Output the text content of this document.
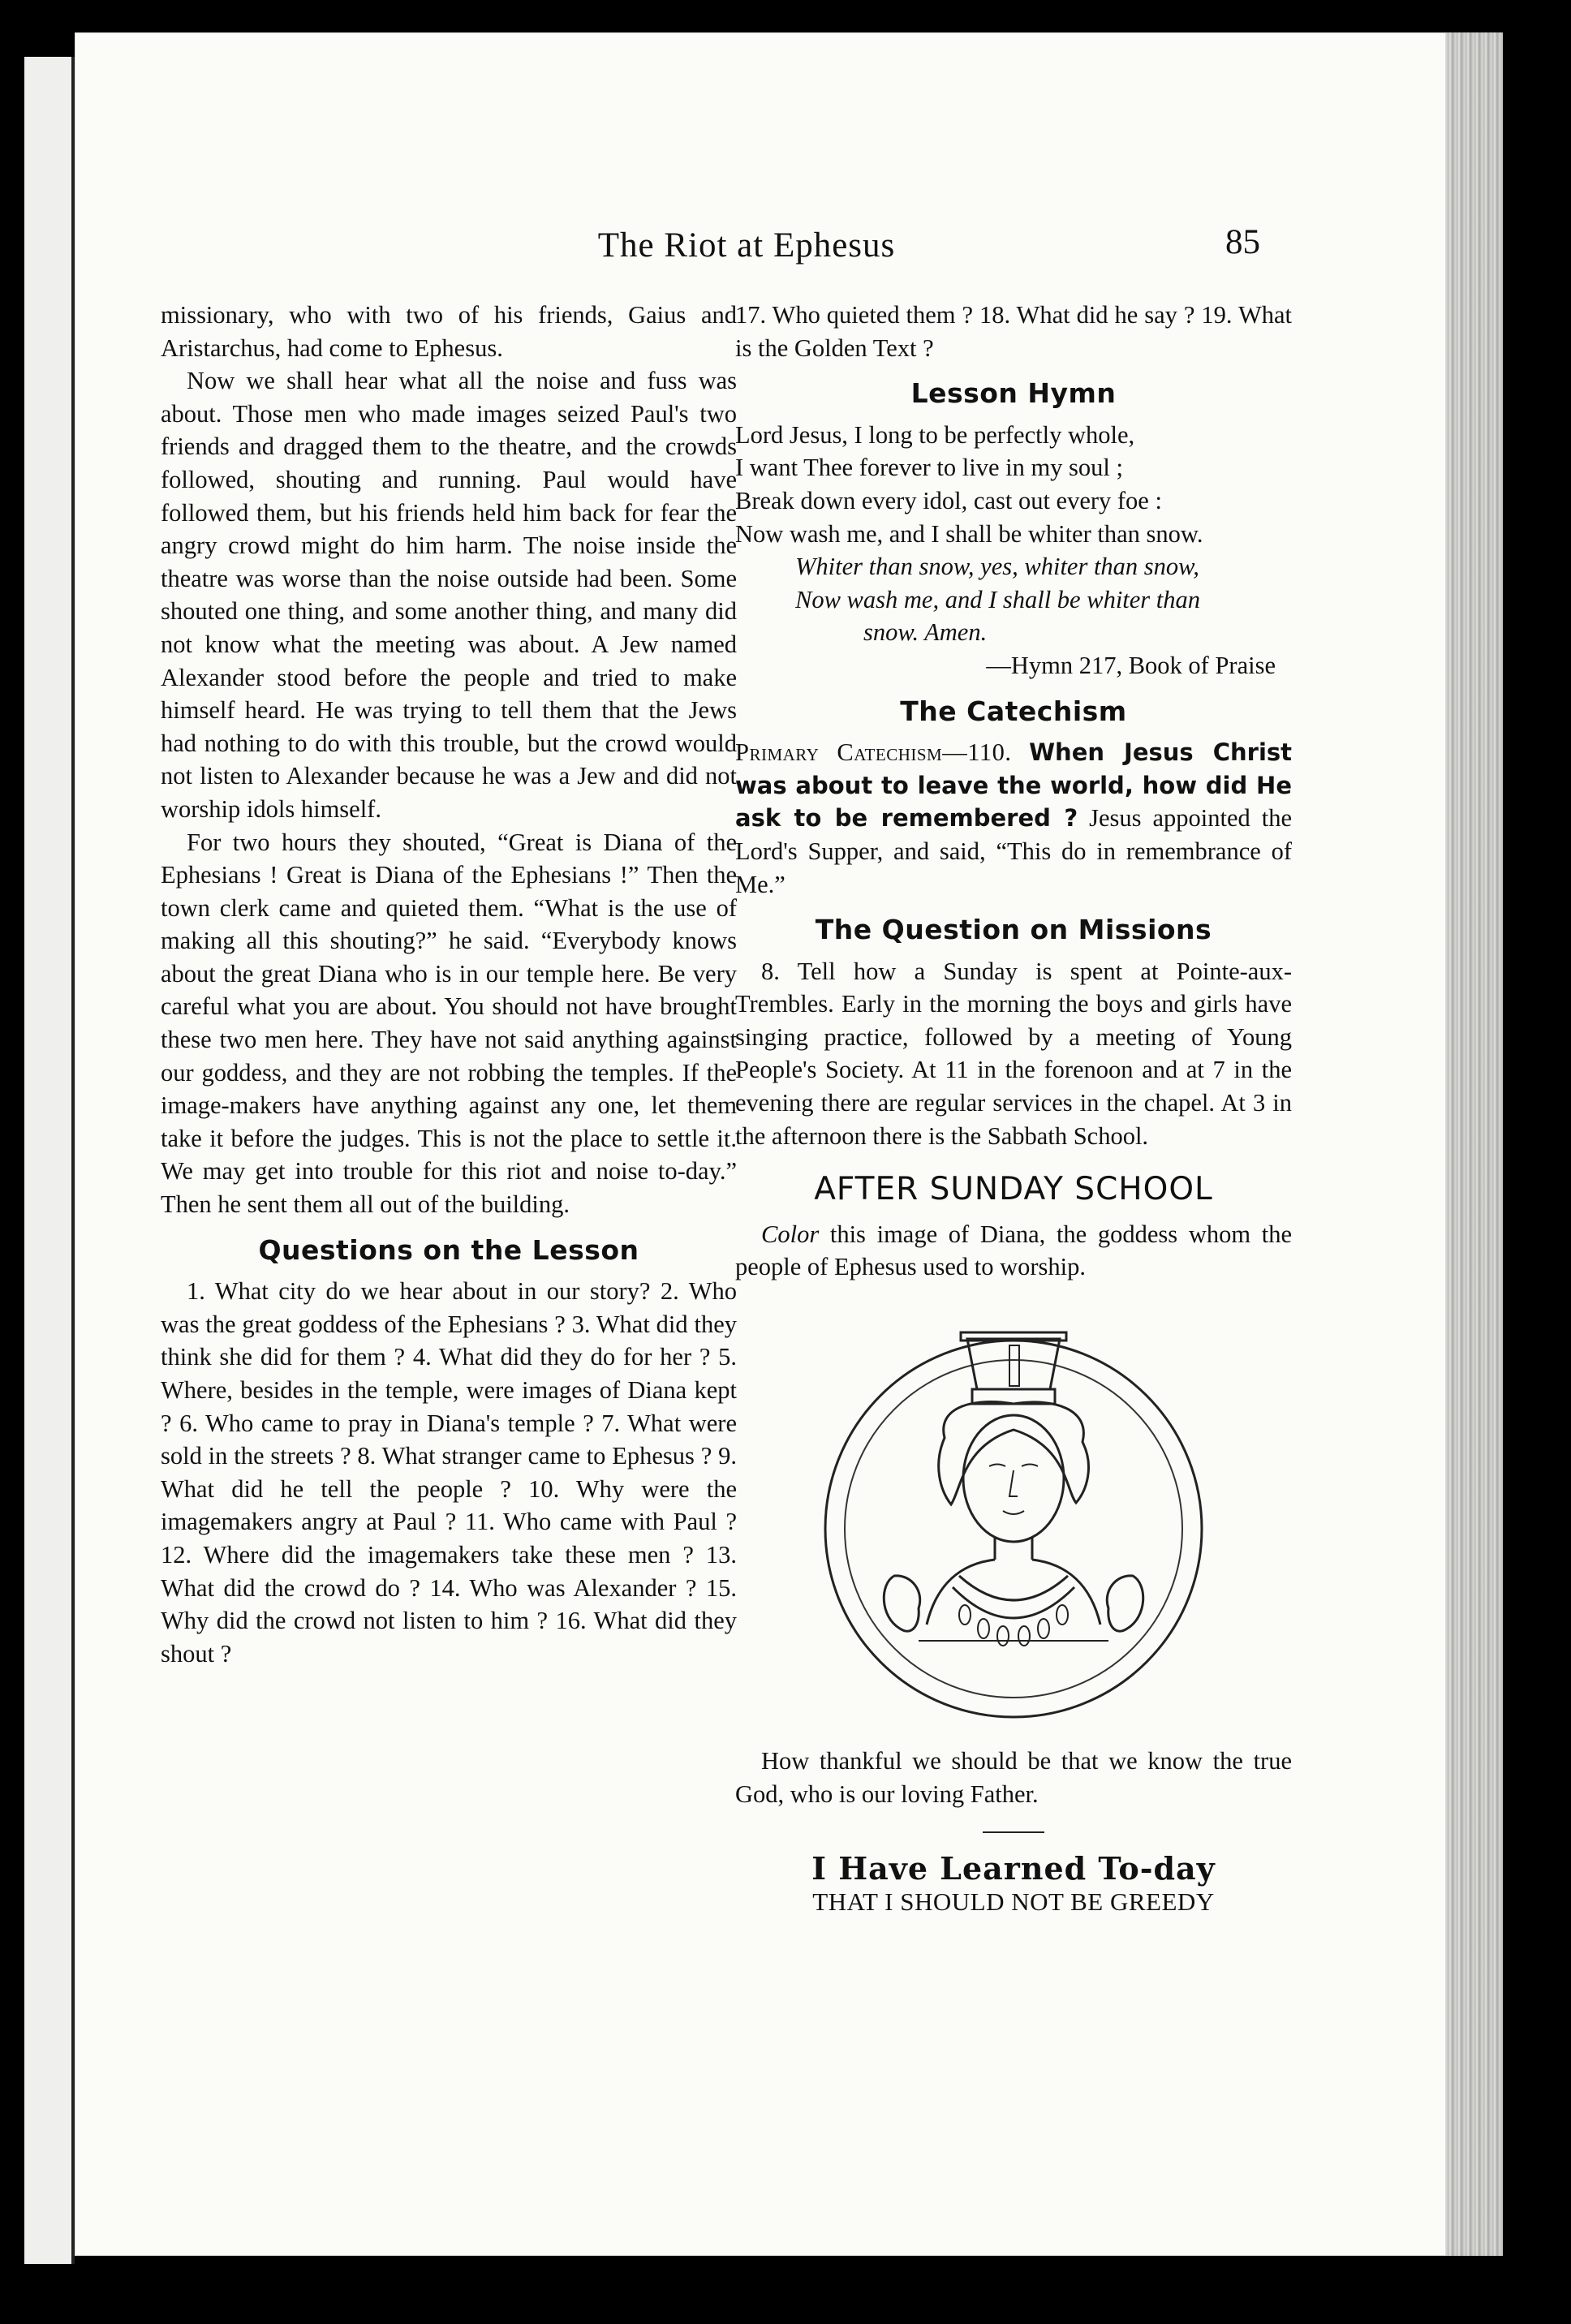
The Riot at Ephesus	85

missionary, who with two of his friends, Gaius and Aristarchus, had come to Ephesus.

Now we shall hear what all the noise and fuss was about. Those men who made images seized Paul's two friends and dragged them to the theatre, and the crowds followed, shouting and running. Paul would have followed them, but his friends held him back for fear the angry crowd might do him harm. The noise inside the theatre was worse than the noise outside had been. Some shouted one thing, and some another thing, and many did not know what the meeting was about. A Jew named Alexander stood before the people and tried to make himself heard. He was trying to tell them that the Jews had nothing to do with this trouble, but the crowd would not listen to Alexander because he was a Jew and did not worship idols himself.

For two hours they shouted, “Great is Diana of the Ephesians ! Great is Diana of the Ephesians !” Then the town clerk came and quieted them. “What is the use of making all this shouting?” he said. “Everybody knows about the great Diana who is in our temple here. Be very careful what you are about. You should not have brought these two men here. They have not said anything against our goddess, and they are not robbing the temples. If the image-makers have anything against any one, let them take it before the judges. This is not the place to settle it. We may get into trouble for this riot and noise to-day.” Then he sent them all out of the building.

Questions on the Lesson

1. What city do we hear about in our story? 2. Who was the great goddess of the Ephesians ? 3. What did they think she did for them ? 4. What did they do for her ? 5. Where, besides in the temple, were images of Diana kept ? 6. Who came to pray in Diana's temple ? 7. What were sold in the streets ? 8. What stranger came to Ephesus ? 9. What did he tell the people ? 10. Why were the imagemakers angry at Paul ? 11. Who came with Paul ? 12. Where did the imagemakers take these men ? 13. What did the crowd do ? 14. Who was Alexander ? 15. Why did the crowd not listen to him ? 16. What did they shout ?

17. Who quieted them ? 18. What did he say ? 19. What is the Golden Text ?

Lesson Hymn

Lord Jesus, I long to be perfectly whole,

I want Thee forever to live in my soul ;

Break down every idol, cast out every foe :

Now wash me, and I shall be whiter than snow.

Whiter than snow, yes, whiter than snow,

Now wash me, and I shall be whiter than

snow. Amen.

—Hymn 217, Book of Praise

The Catechism

Primary Catechism—110. When Jesus Christ was about to leave the world, how did He ask to be remembered ? Jesus appointed the Lord's Supper, and said, “This do in remembrance of Me.”

The Question on Missions

8. Tell how a Sunday is spent at Pointe-aux-Trembles. Early in the morning the boys and girls have singing practice, followed by a meeting of Young People's Society. At 11 in the forenoon and at 7 in the evening there are regular services in the chapel. At 3 in the afternoon there is the Sabbath School.

AFTER SUNDAY SCHOOL

Color this image of Diana, the goddess whom the people of Ephesus used to worship.

How thankful we should be that we know the true God, who is our loving Father.

I Have Learned To-day

THAT I SHOULD NOT BE GREEDY
